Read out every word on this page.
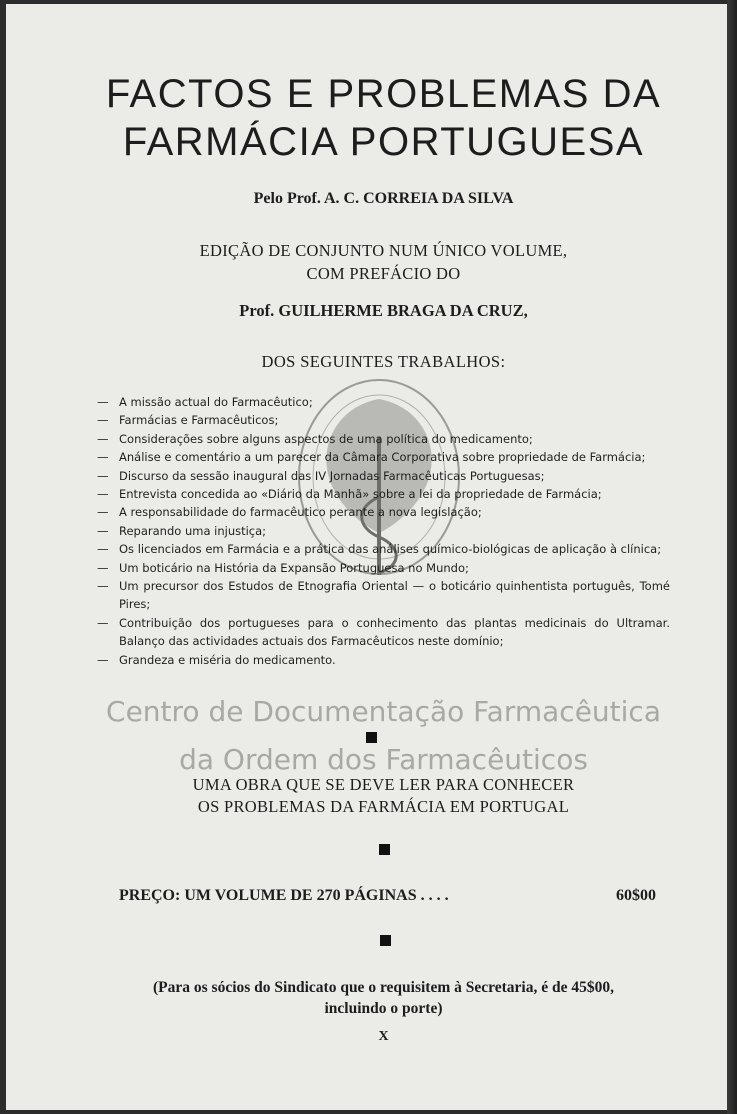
FACTOS E PROBLEMAS DA
FARMÁCIA PORTUGUESA
Pelo Prof. A. C. CORREIA DA SILVA
EDIÇÃO DE CONJUNTO NUM ÚNICO VOLUME,
COM PREFÁCIO DO
Prof. GUILHERME BRAGA DA CRUZ,
DOS SEGUINTES TRABALHOS:
— A missão actual do Farmacêutico;
— Farmácias e Farmacêuticos;
— Considerações sobre alguns aspectos de uma política do medicamento;
— Análise e comentário a um parecer da Câmara Corporativa sobre propriedade de Farmácia;
— Discurso da sessão inaugural das IV Jornadas Farmacêuticas Portuguesas;
— Entrevista concedida ao «Diário da Manhã» sobre a lei da propriedade de Farmácia;
— A responsabilidade do farmacêutico perante a nova legislação;
— Reparando uma injustiça;
— Os licenciados em Farmácia e a prática das análises químico-biológicas de aplicação à clínica;
— Um boticário na História da Expansão Portuguesa no Mundo;
— Um precursor dos Estudos de Etnografia Oriental — o boticário quinhentista português, Tomé Pires;
— Contribuição dos portugueses para o conhecimento das plantas medicinais do Ultramar. Balanço das actividades actuais dos Farmacêuticos neste domínio;
— Grandeza e miséria do medicamento.
Centro de Documentação Farmacêutica
da Ordem dos Farmacêuticos
UMA OBRA QUE SE DEVE LER PARA CONHECER
OS PROBLEMAS DA FARMÁCIA EM PORTUGAL
PREÇO: UM VOLUME DE 270 PÁGINAS . . . .	60$00
(Para os sócios do Sindicato que o requisitem à Secretaria, é de 45$00,
incluindo o porte)
X
